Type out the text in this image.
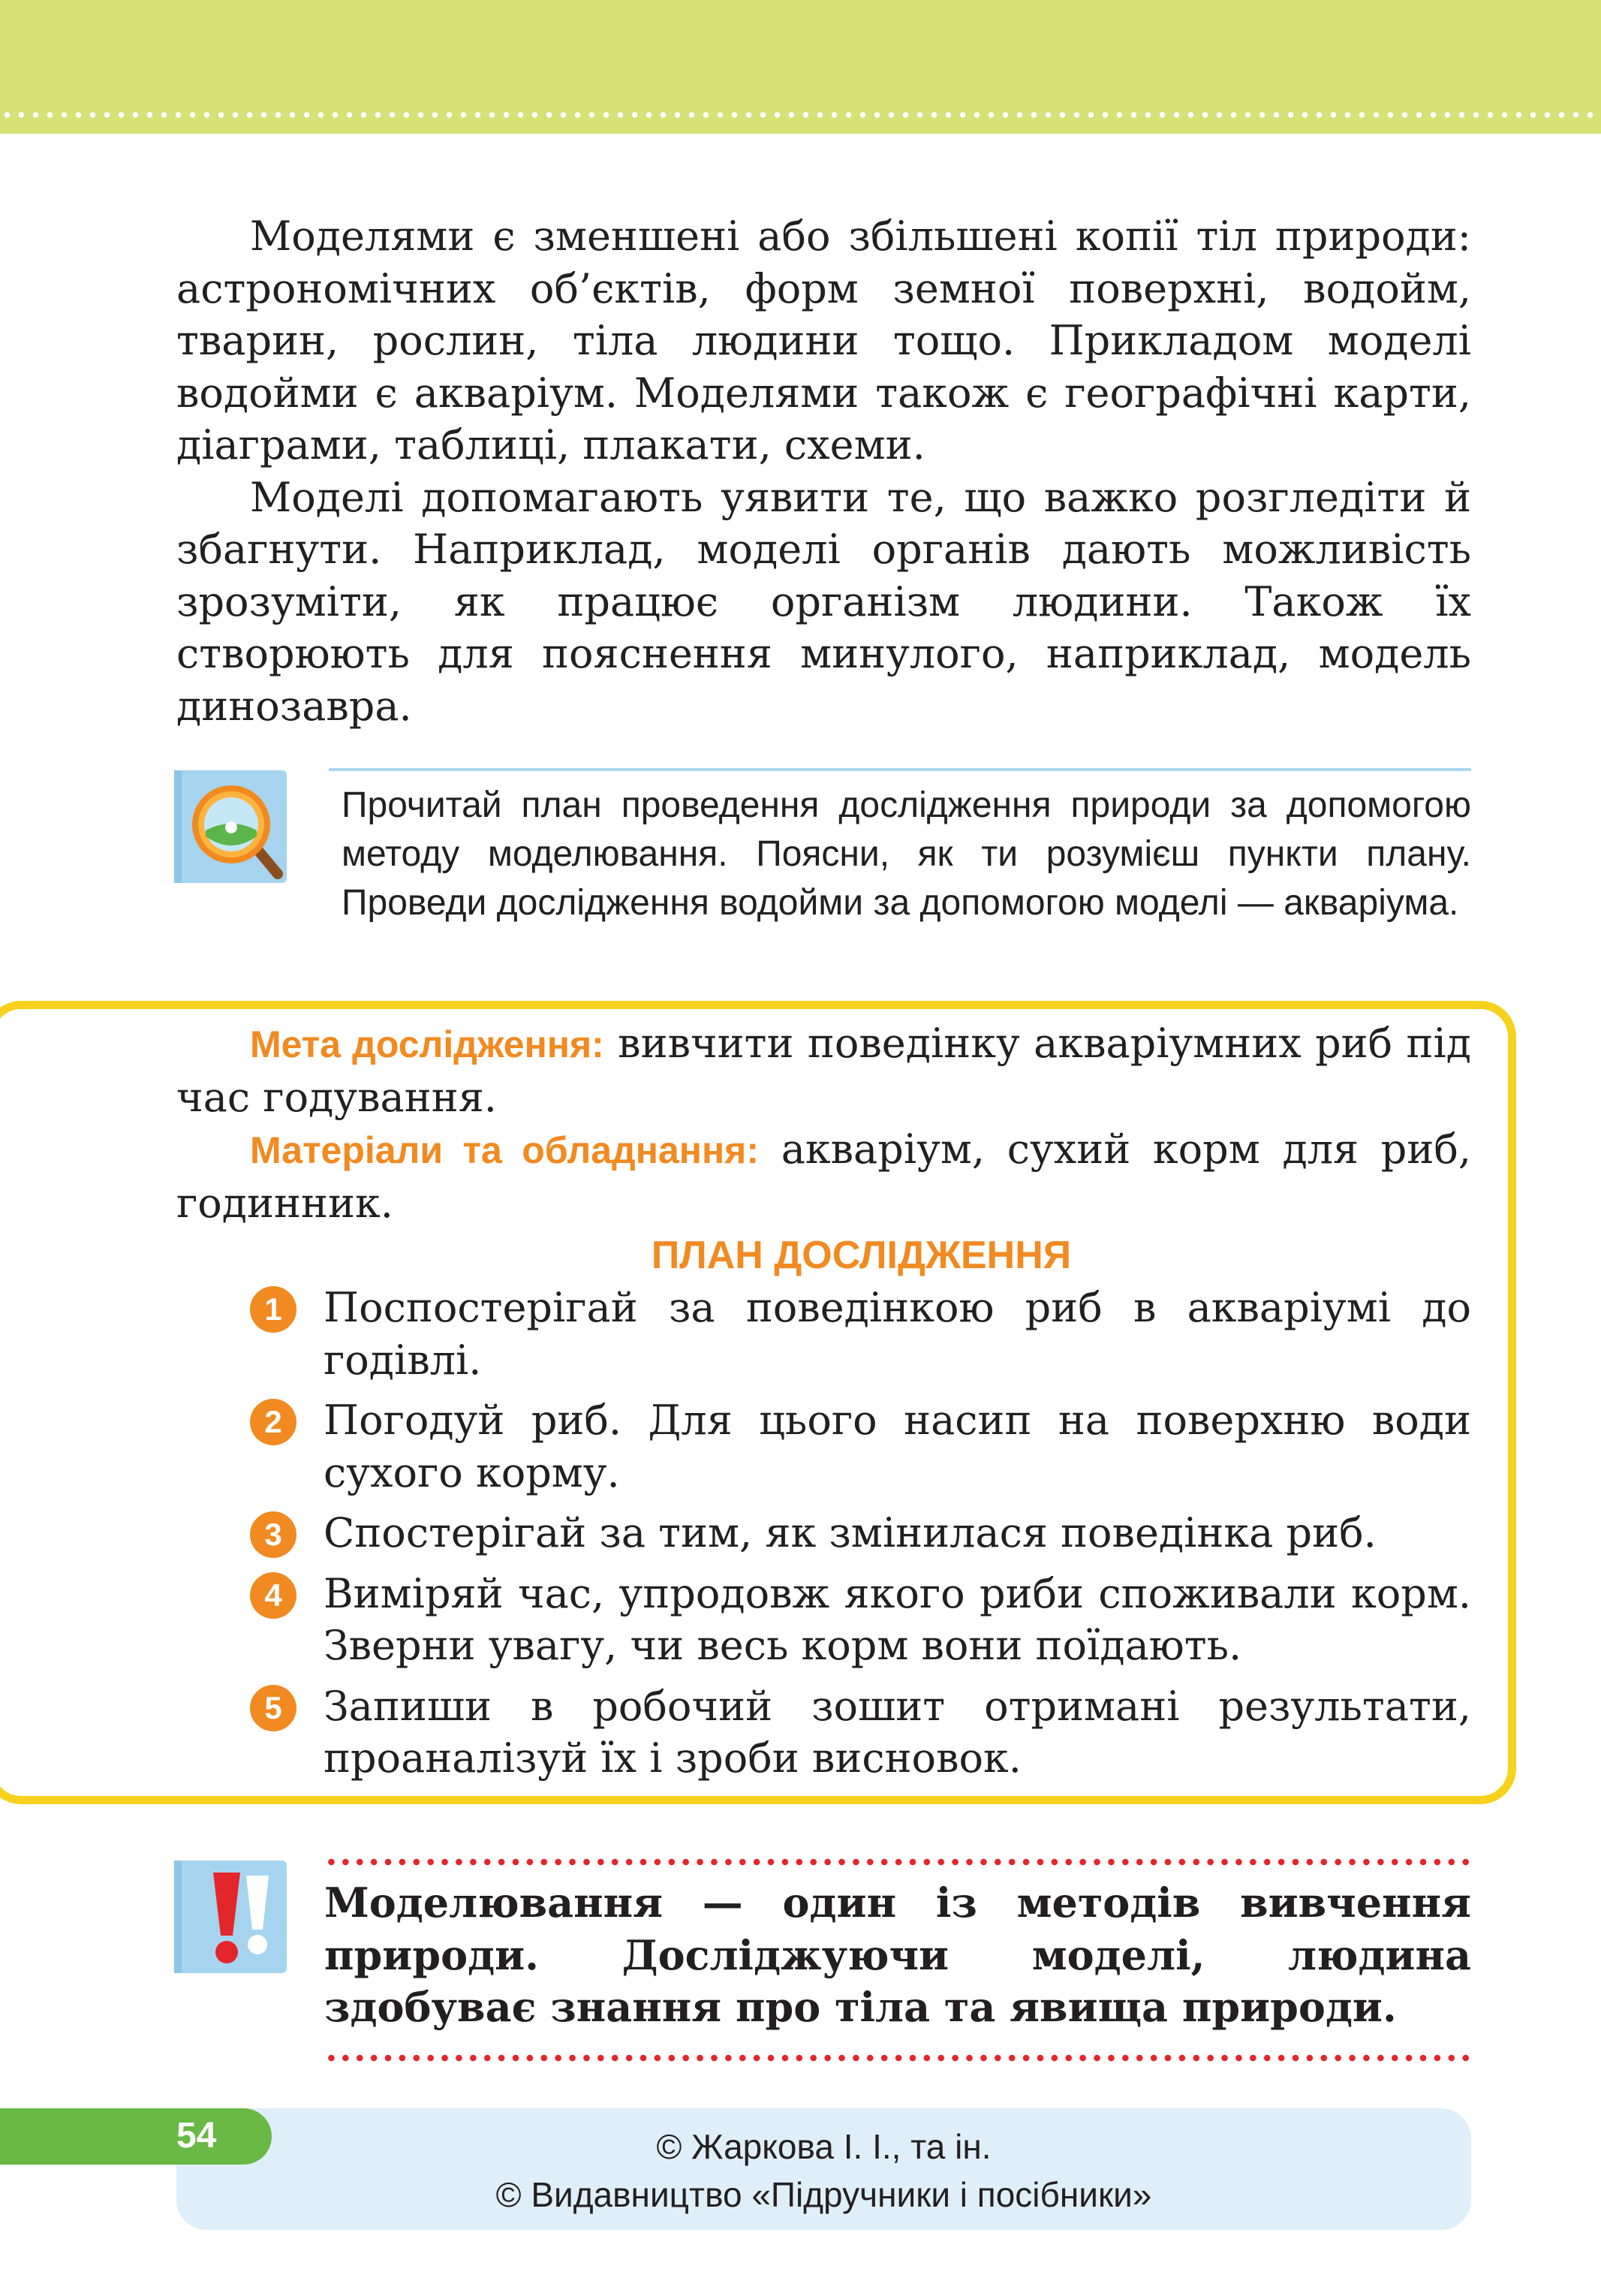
Моделями є зменшені або збільшені копії тіл природи: астрономічних об’єктів, форм земної поверхні, водойм, тварин, рослин, тіла людини тощо. Прикладом моделі водойми є акваріум. Моделями також є географічні карти, діаграми, таблиці, плакати, схеми.

Моделі допомагають уявити те, що важко розгледіти й збагнути. Наприклад, моделі органів дають можливість зрозуміти, як працює організм людини. Також їх створюють для пояснення минулого, наприклад, модель динозавра.

Прочитай план проведення дослідження природи за допомогою методу моделювання. Поясни, як ти розумієш пункти плану. Проведи дослідження водойми за допомогою моделі — акваріума.

Мета дослідження: вивчити поведінку акваріумних риб під час годування.

Матеріали та обладнання: акваріум, сухий корм для риб, годинник.

ПЛАН ДОСЛІДЖЕННЯ

1	Поспостерігай за поведінкою риб в акваріумі до годівлі.
2	Погодуй риб. Для цього насип на поверхню води сухого корму.
3	Спостерігай за тим, як змінилася поведінка риб.
4	Виміряй час, упродовж якого риби споживали корм. Зверни увагу, чи весь корм вони поїдають.
5	Запиши в робочий зошит отримані результати, проаналізуй їх і зроби висновок.
Моделювання — один із методів вивчення природи. Досліджуючи моделі, людина здобуває знання про тіла та явища природи.
54	© Жаркова І. І., та ін.
© Видавництво «Підручники і посібники»
